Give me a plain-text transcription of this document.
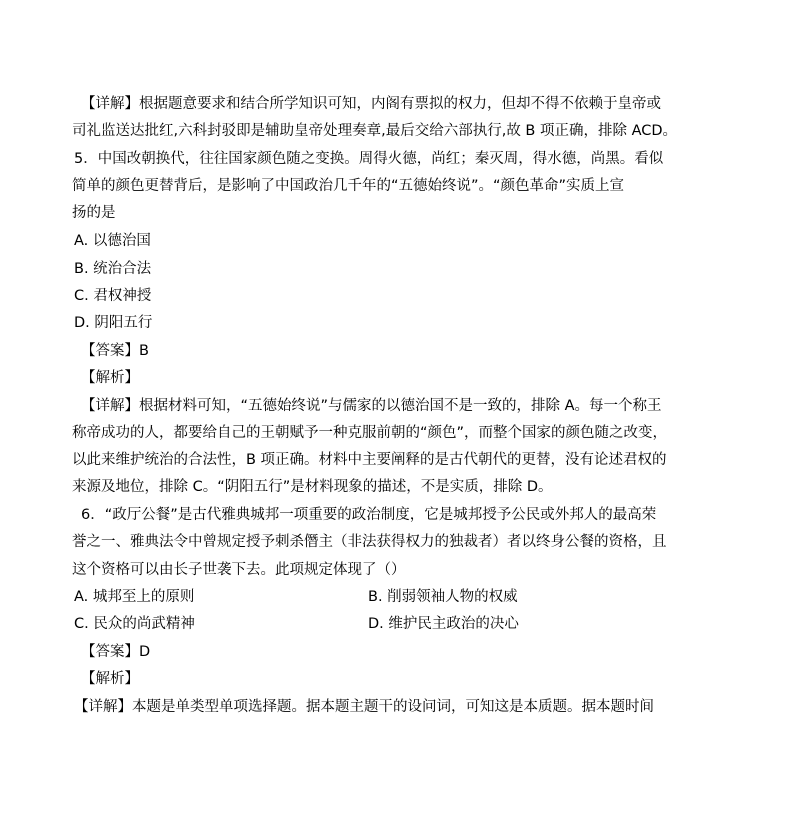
【详解】根据题意要求和结合所学知识可知，内阁有票拟的权力，但却不得不依赖于皇帝或
司礼监送达批红,六科封驳即是辅助皇帝处理奏章,最后交给六部执行,故 B 项正确，排除 ACD。
5．中国改朝换代，往往国家颜色随之变换。周得火德，尚红；秦灭周，得水德，尚黑。看似
简单的颜色更替背后，是影响了中国政治几千年的“五德始终说”。“颜色革命”实质上宣
扬的是
A. 以德治国
B. 统治合法
C. 君权神授
D. 阴阳五行
【答案】B
【解析】
【详解】根据材料可知，“五德始终说”与儒家的以德治国不是一致的，排除 A。每一个称王
称帝成功的人，都要给自己的王朝赋予一种克服前朝的“颜色”，而整个国家的颜色随之改变，
以此来维护统治的合法性，B 项正确。材料中主要阐释的是古代朝代的更替，没有论述君权的
来源及地位，排除 C。“阴阳五行”是材料现象的描述，不是实质，排除 D。
6．“政厅公餐”是古代雅典城邦一项重要的政治制度，它是城邦授予公民或外邦人的最高荣
誉之一、雅典法令中曾规定授予刺杀僭主（非法获得权力的独裁者）者以终身公餐的资格，且
这个资格可以由长子世袭下去。此项规定体现了（）
A. 城邦至上的原则	B. 削弱领袖人物的权威
C. 民众的尚武精神	D. 维护民主政治的决心
【答案】D
【解析】
【详解】本题是单类型单项选择题。据本题主题干的设问词，可知这是本质题。据本题时间
